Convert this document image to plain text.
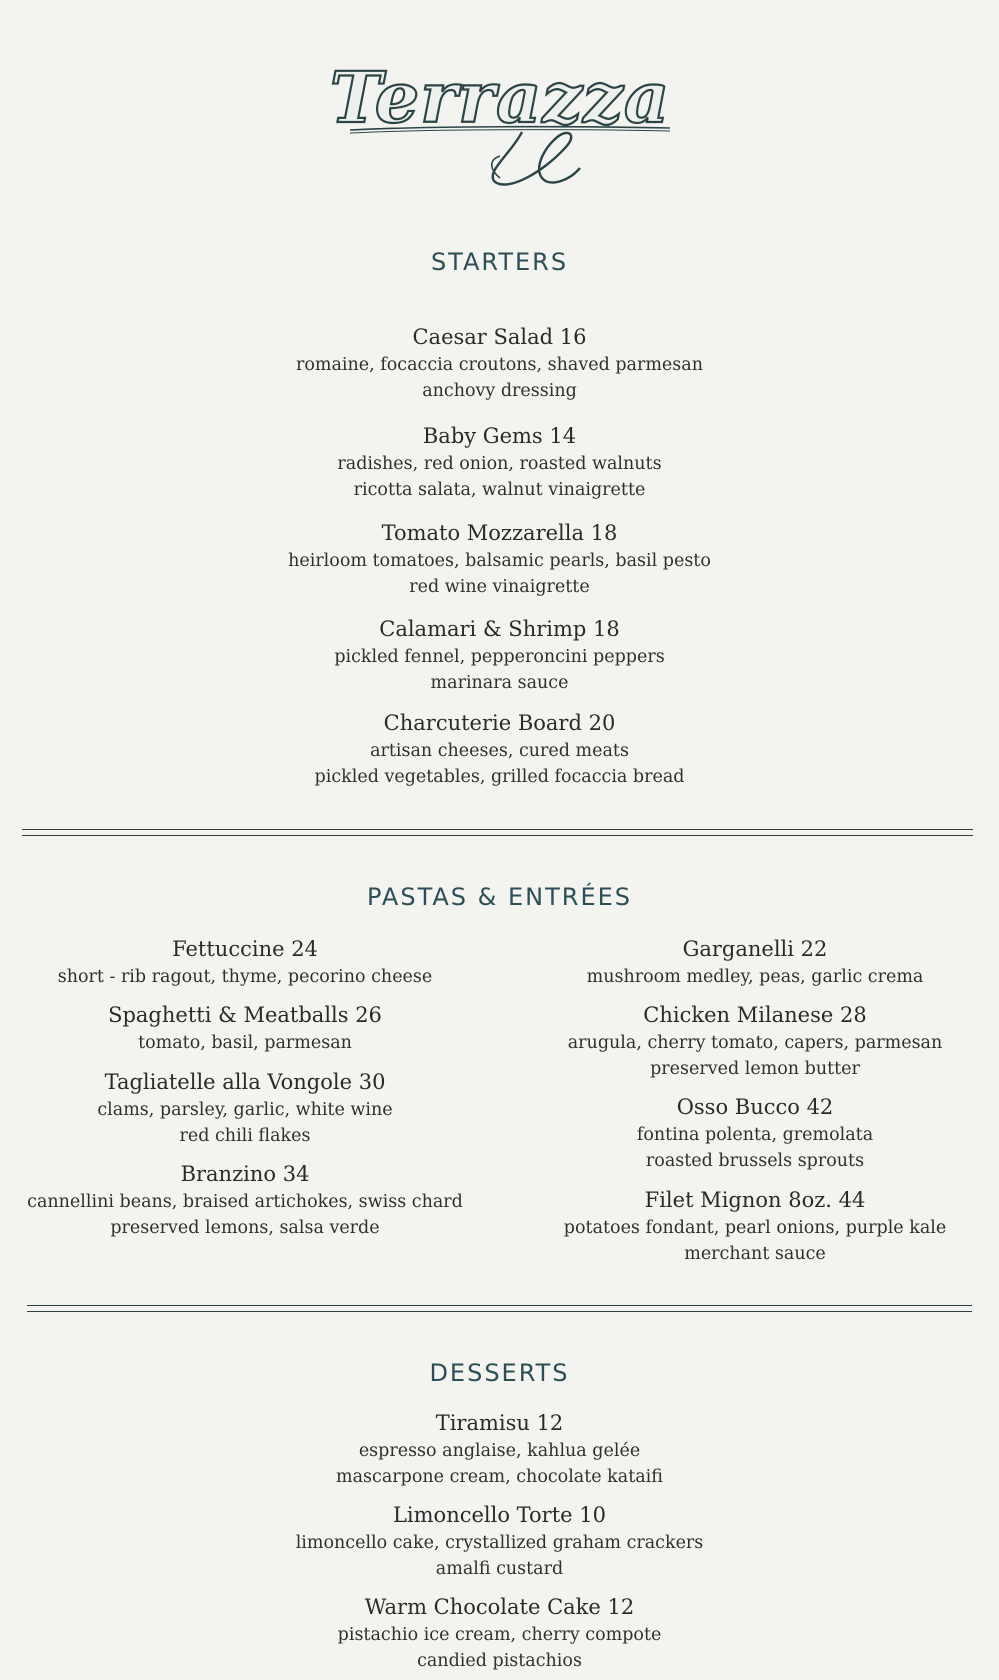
Terrazza
STARTERS
Caesar Salad 16
romaine, focaccia croutons, shaved parmesan
anchovy dressing
Baby Gems 14
radishes, red onion, roasted walnuts
ricotta salata, walnut vinaigrette
Tomato Mozzarella 18
heirloom tomatoes, balsamic pearls, basil pesto
red wine vinaigrette
Calamari & Shrimp 18
pickled fennel, pepperoncini peppers
marinara sauce
Charcuterie Board 20
artisan cheeses, cured meats
pickled vegetables, grilled focaccia bread
PASTAS & ENTRÉES
Fettuccine 24
short - rib ragout, thyme, pecorino cheese
Spaghetti & Meatballs 26
tomato, basil, parmesan
Tagliatelle alla Vongole 30
clams, parsley, garlic, white wine
red chili flakes
Branzino 34
cannellini beans, braised artichokes, swiss chard
preserved lemons, salsa verde
Garganelli 22
mushroom medley, peas, garlic crema
Chicken Milanese 28
arugula, cherry tomato, capers, parmesan
preserved lemon butter
Osso Bucco 42
fontina polenta, gremolata
roasted brussels sprouts
Filet Mignon 8oz. 44
potatoes fondant, pearl onions, purple kale
merchant sauce
DESSERTS
Tiramisu 12
espresso anglaise, kahlua gelée
mascarpone cream, chocolate kataifi
Limoncello Torte 10
limoncello cake, crystallized graham crackers
amalfi custard
Warm Chocolate Cake 12
pistachio ice cream, cherry compote
candied pistachios
